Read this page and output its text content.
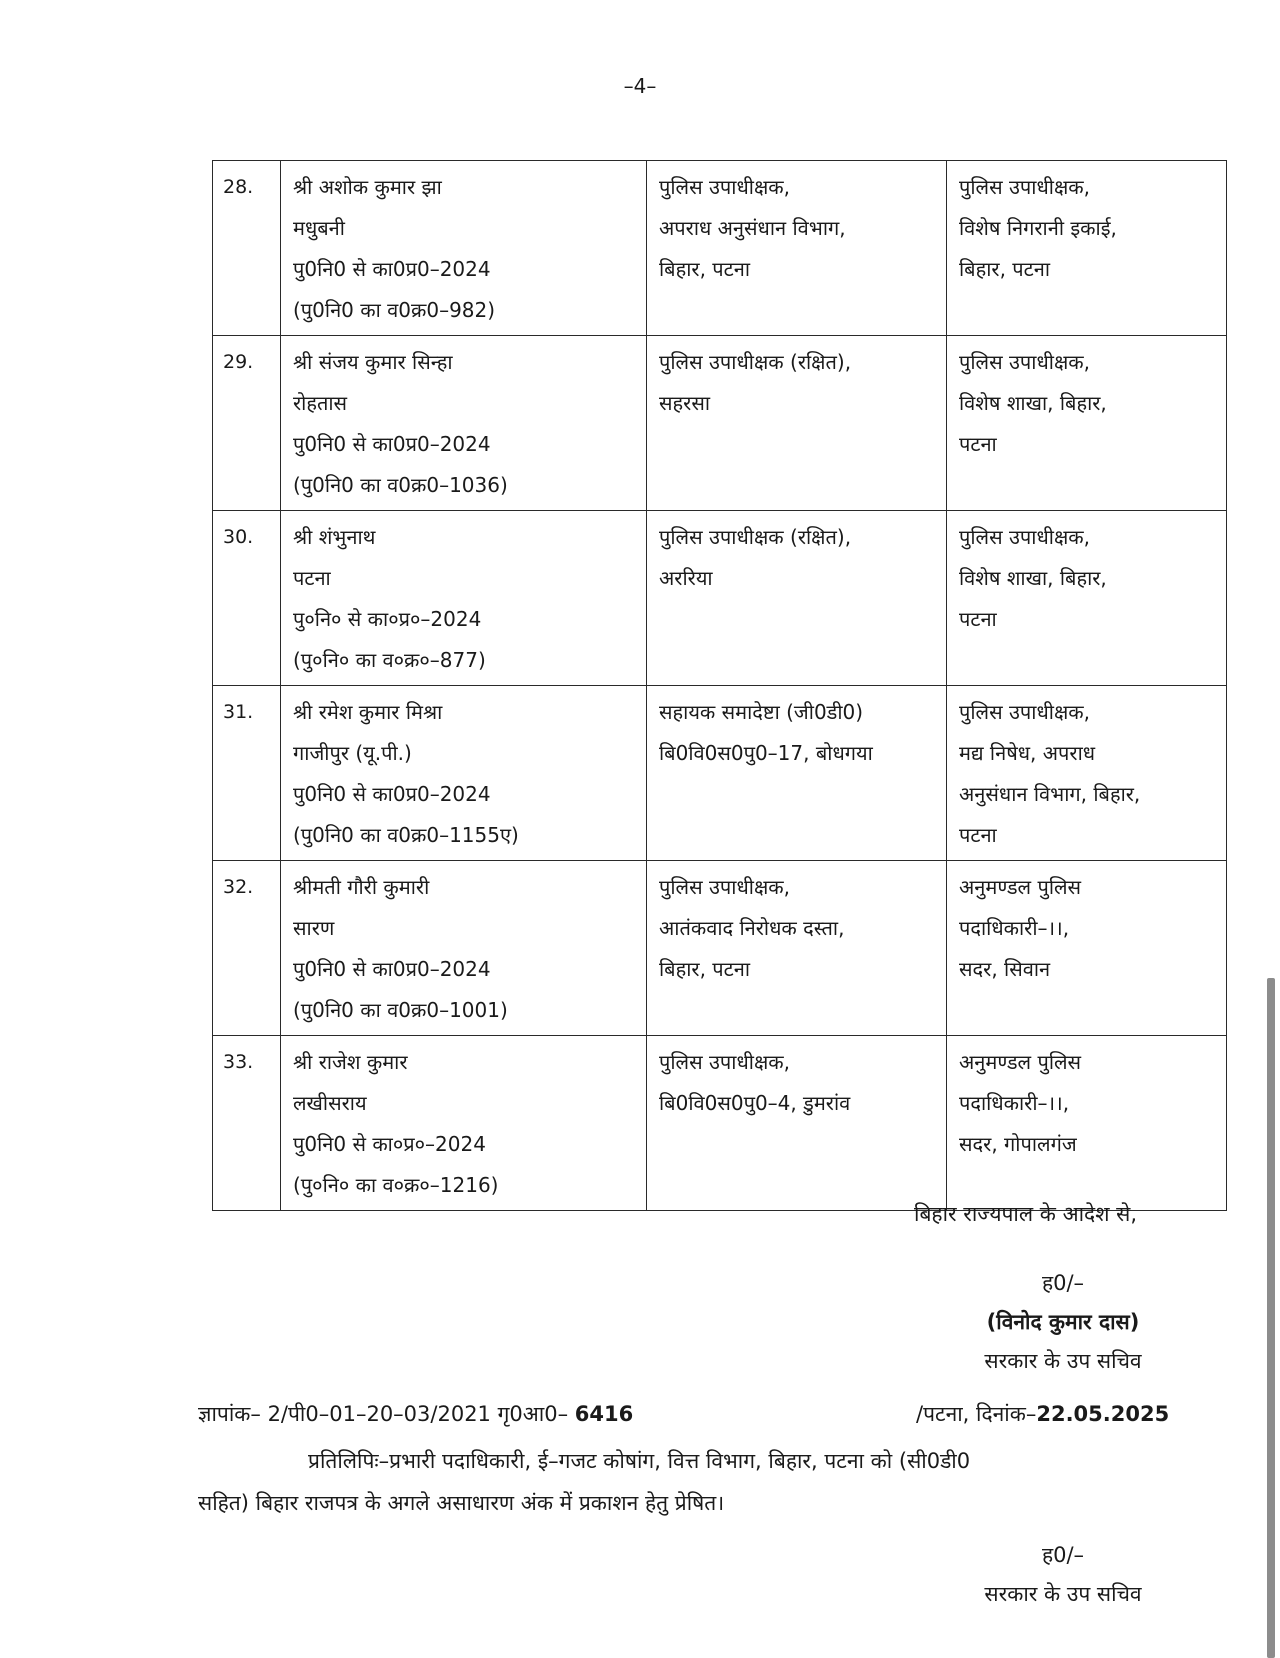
–4–
28.	श्री अशोक कुमार झा
मधुबनी
पु0नि0 से का0प्र0–2024
(पु0नि0 का व0क्र0–982)	पुलिस उपाधीक्षक,
अपराध अनुसंधान विभाग,
बिहार, पटना	पुलिस उपाधीक्षक,
विशेष निगरानी इकाई,
बिहार, पटना

29.	श्री संजय कुमार सिन्हा
रोहतास
पु0नि0 से का0प्र0–2024
(पु0नि0 का व0क्र0–1036)	पुलिस उपाधीक्षक (रक्षित),
सहरसा	पुलिस उपाधीक्षक,
विशेष शाखा, बिहार,
पटना

30.	श्री शंभुनाथ
पटना
पु०नि० से का०प्र०–2024
(पु०नि० का व०क्र०–877)	पुलिस उपाधीक्षक (रक्षित),
अररिया	पुलिस उपाधीक्षक,
विशेष शाखा, बिहार,
पटना

31.	श्री रमेश कुमार मिश्रा
गाजीपुर (यू.पी.)
पु0नि0 से का0प्र0–2024
(पु0नि0 का व0क्र0–1155ए)	सहायक समादेष्टा (जी0डी0)
बि0वि0स0पु0–17, बोधगया	पुलिस उपाधीक्षक,
मद्य निषेध, अपराध
अनुसंधान विभाग, बिहार,
पटना

32.	श्रीमती गौरी कुमारी
सारण
पु0नि0 से का0प्र0–2024
(पु0नि0 का व0क्र0–1001)	पुलिस उपाधीक्षक,
आतंकवाद निरोधक दस्ता,
बिहार, पटना	अनुमण्डल पुलिस
पदाधिकारी–।।,
सदर, सिवान

33.	श्री राजेश कुमार
लखीसराय
पु0नि0 से का०प्र०–2024
(पु०नि० का व०क्र०–1216)	पुलिस उपाधीक्षक,
बि0वि0स0पु0–4, डुमरांव	अनुमण्डल पुलिस
पदाधिकारी–।।,
सदर, गोपालगंज
बिहार राज्यपाल के आदेश से,
ह0/–
(विनोद कुमार दास)
सरकार के उप सचिव
ज्ञापांक– 2/पी0–01–20–03/2021 गृ0आ0– 6416	/पटना, दिनांक–22.05.2025
प्रतिलिपिः–प्रभारी पदाधिकारी, ई–गजट कोषांग, वित्त विभाग, बिहार, पटना को (सी0डी0
सहित) बिहार राजपत्र के अगले असाधारण अंक में प्रकाशन हेतु प्रेषित।
ह0/–
सरकार के उप सचिव
